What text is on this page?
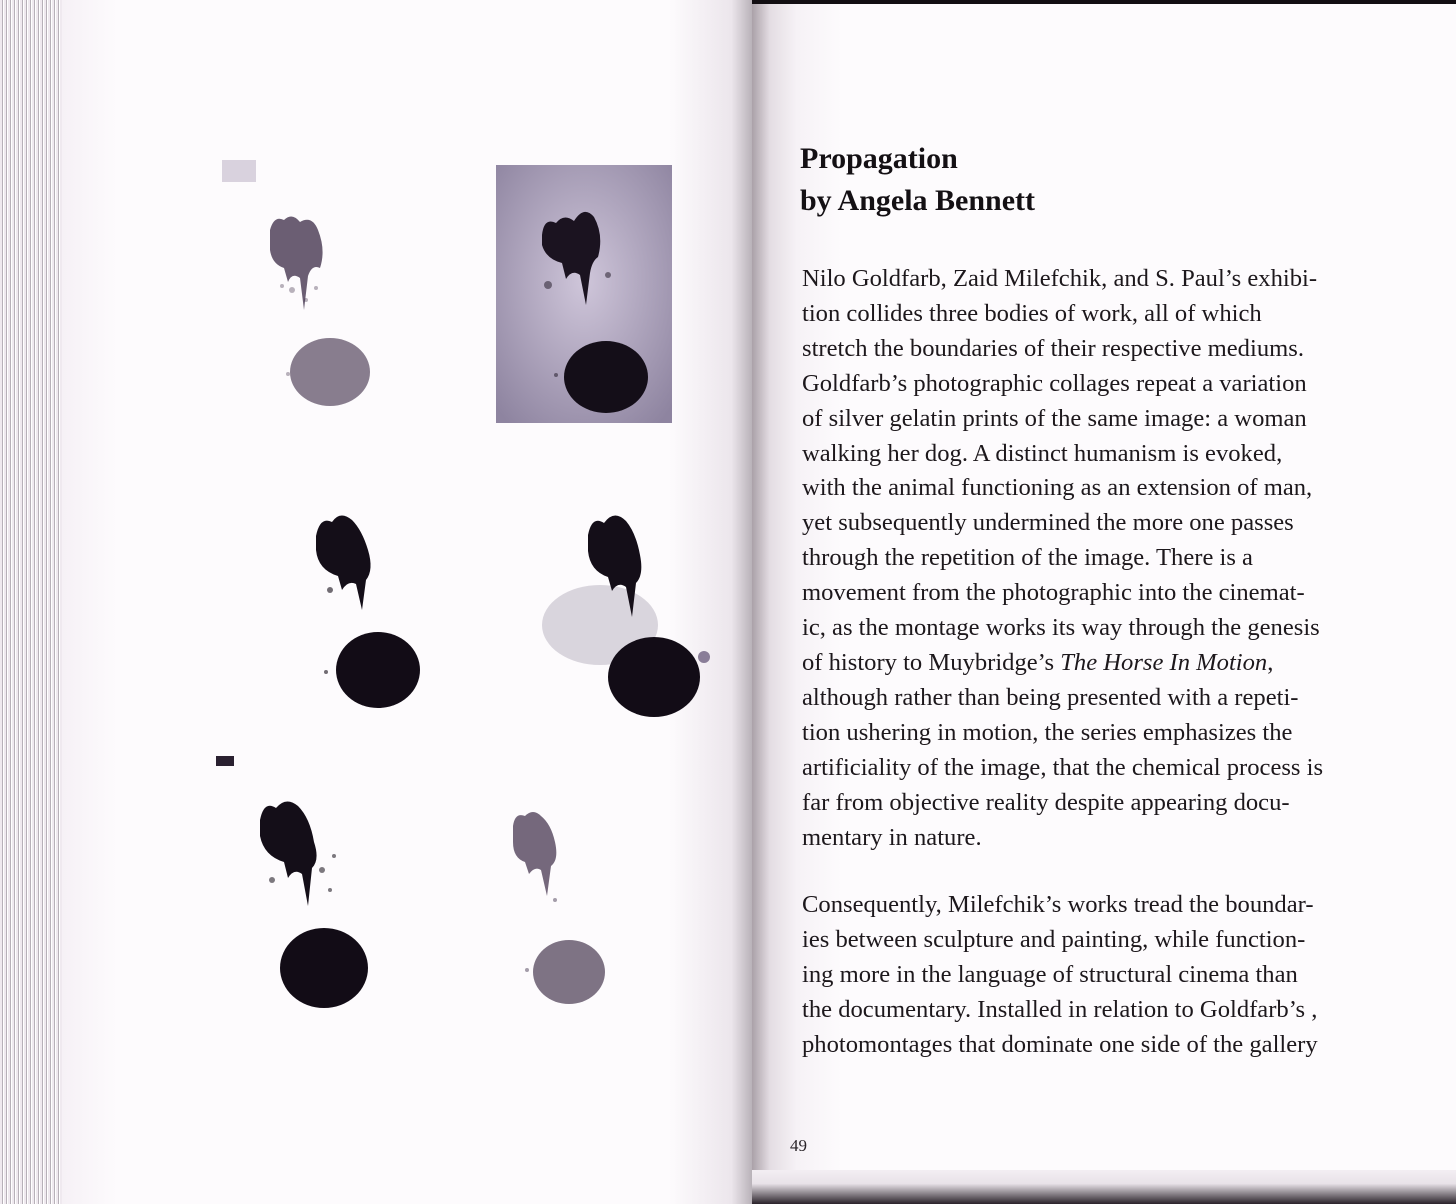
Propagation
by Angela Bennett

Nilo Goldfarb, Zaid Milefchik, and S. Paul’s exhibi-
tion collides three bodies of work, all of which
stretch the boundaries of their respective mediums.
Goldfarb’s photographic collages repeat a variation
of silver gelatin prints of the same image: a woman
walking her dog. A distinct humanism is evoked,
with the animal functioning as an extension of man,
yet subsequently undermined the more one passes
through the repetition of the image. There is a
movement from the photographic into the cinemat-
ic, as the montage works its way through the genesis
of history to Muybridge’s The Horse In Motion,
although rather than being presented with a repeti-
tion ushering in motion, the series emphasizes the
artificiality of the image, that the chemical process is
far from objective reality despite appearing docu-
mentary in nature.

Consequently, Milefchik’s works tread the boundar-
ies between sculpture and painting, while function-
ing more in the language of structural cinema than
the documentary. Installed in relation to Goldfarb’s ,
photomontages that dominate one side of the gallery

49
